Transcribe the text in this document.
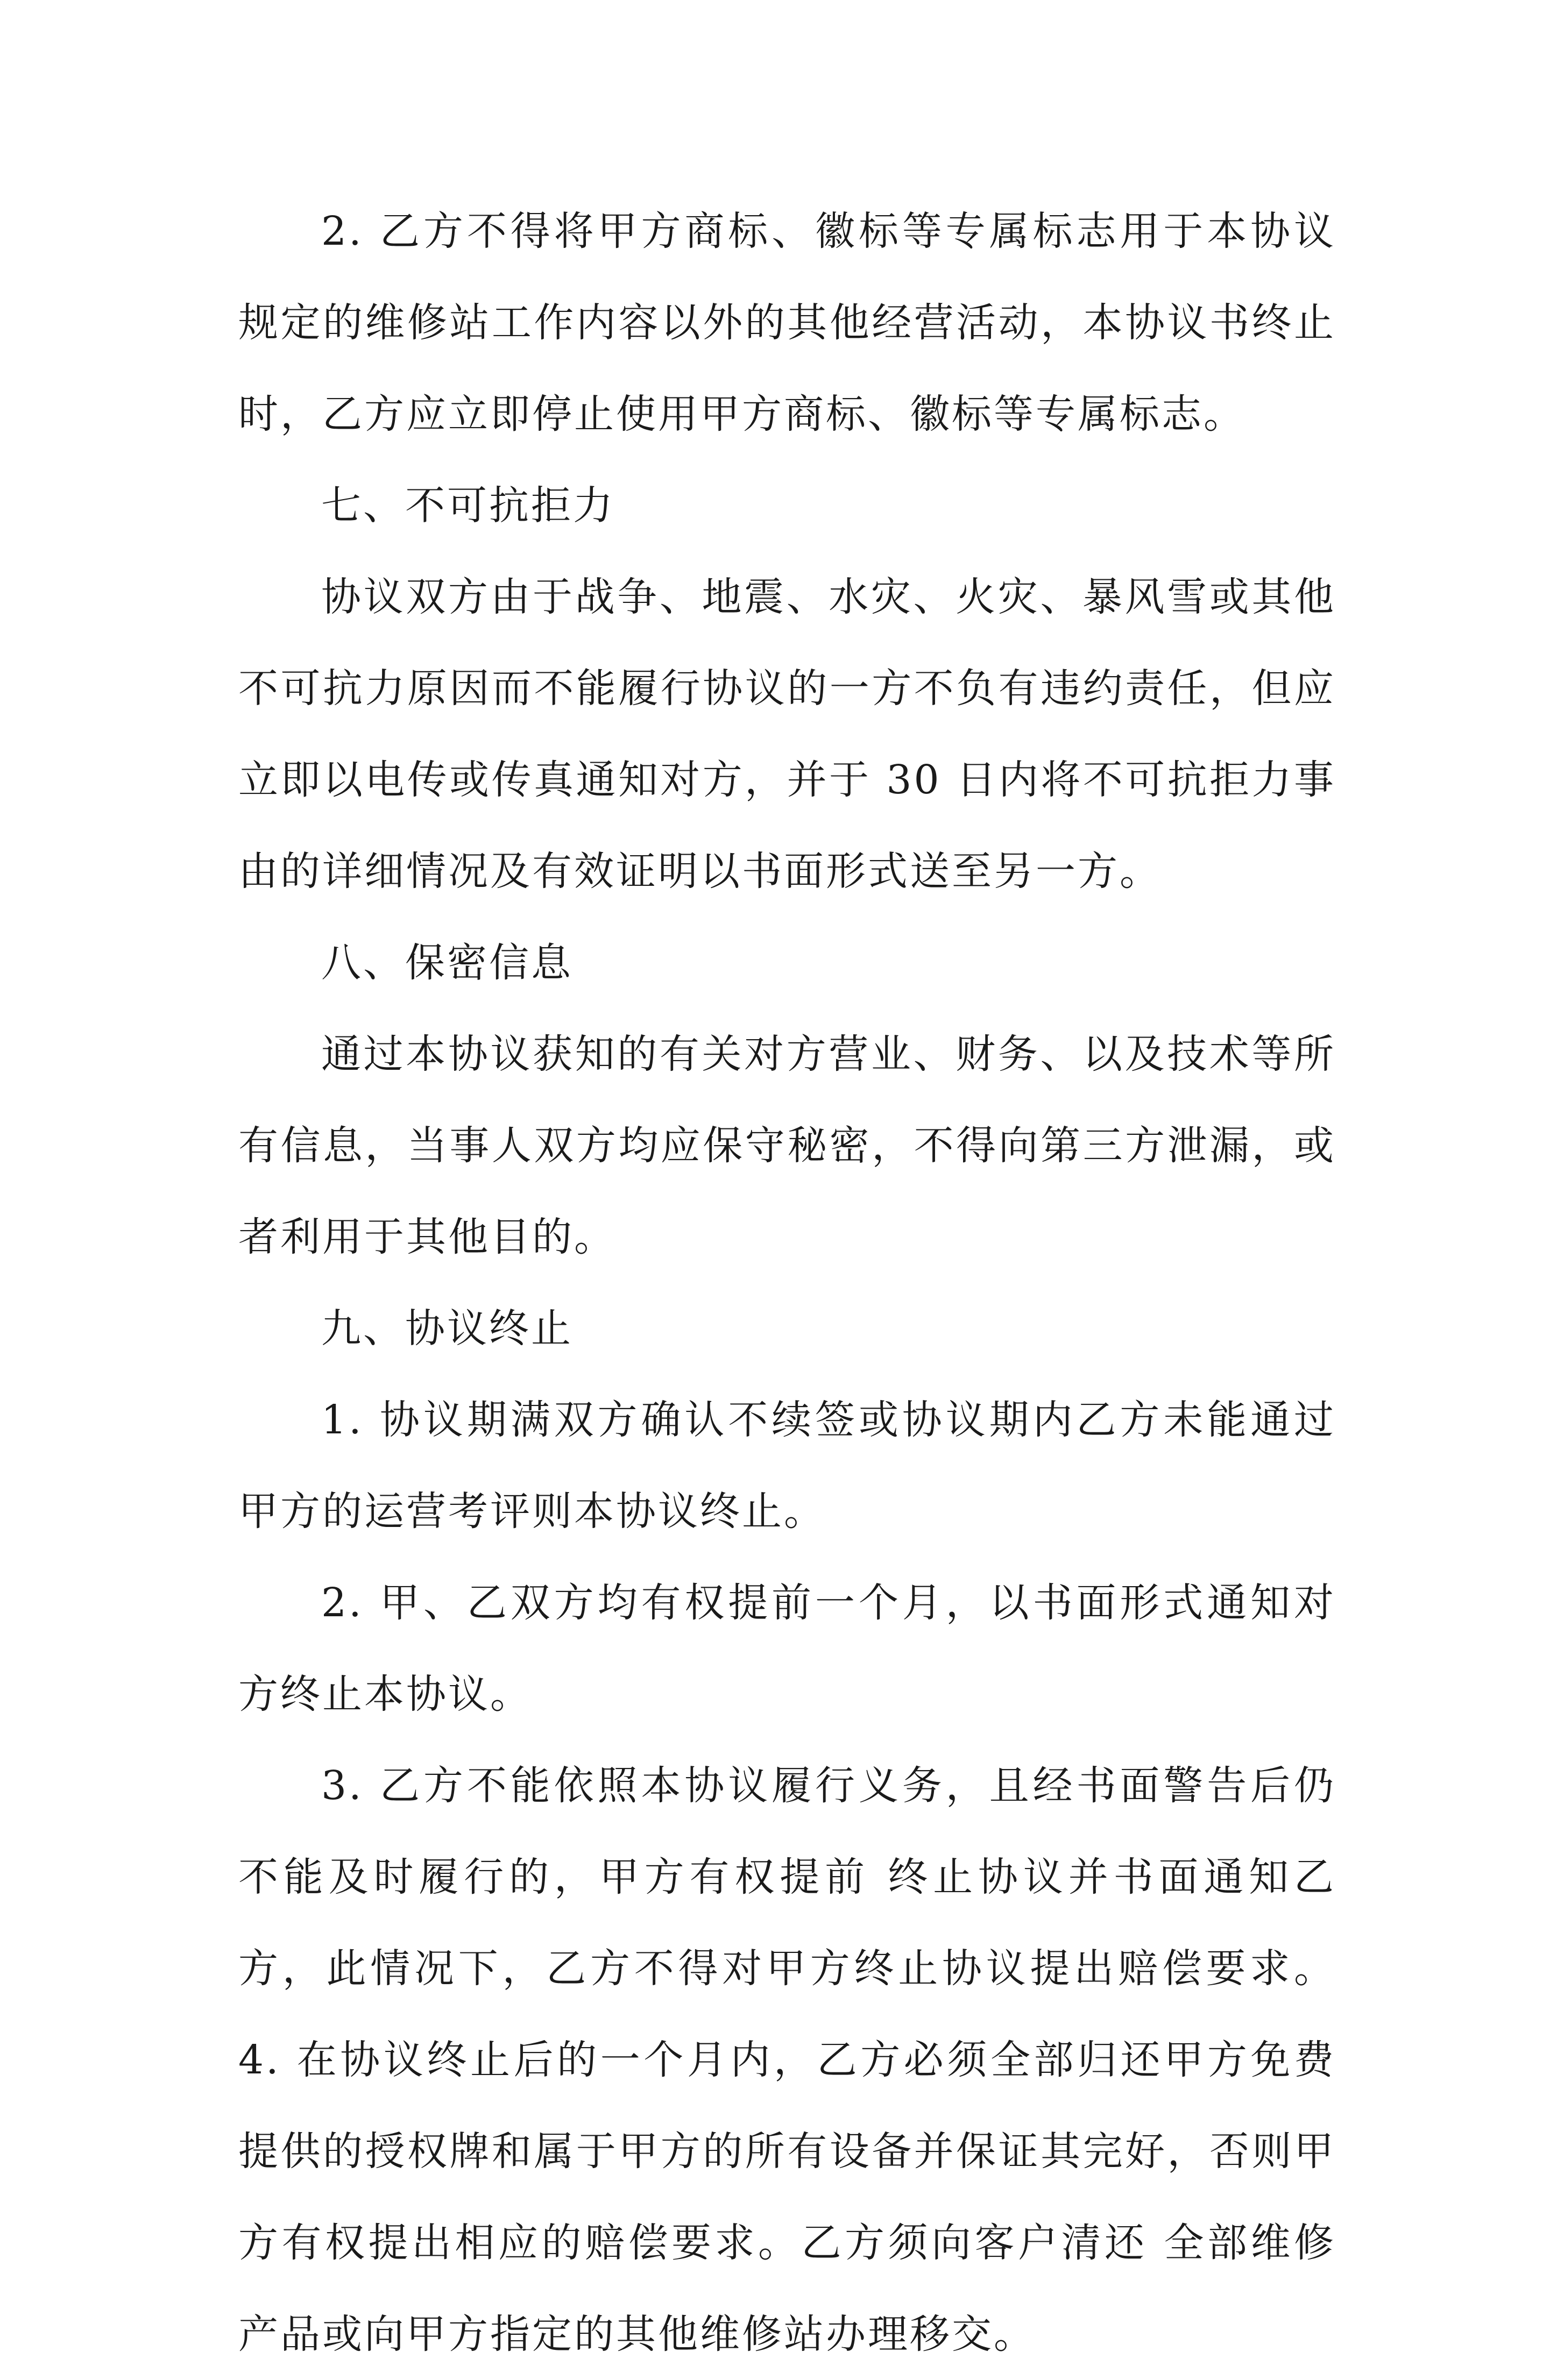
2. 乙方不得将甲方商标、徽标等专属标志用于本协议规定的维修站工作内容以外的其他经营活动，本协议书终止时，乙方应立即停止使用甲方商标、徽标等专属标志。

七、不可抗拒力

协议双方由于战争、地震、水灾、火灾、暴风雪或其他不可抗力原因而不能履行协议的一方不负有违约责任，但应立即以电传或传真通知对方，并于 30 日内将不可抗拒力事由的详细情况及有效证明以书面形式送至另一方。

八、保密信息

通过本协议获知的有关对方营业、财务、以及技术等所有信息，当事人双方均应保守秘密，不得向第三方泄漏，或者利用于其他目的。

九、协议终止

1. 协议期满双方确认不续签或协议期内乙方未能通过甲方的运营考评则本协议终止。

2. 甲、乙双方均有权提前一个月，以书面形式通知对方终止本协议。

3. 乙方不能依照本协议履行义务，且经书面警告后仍不能及时履行的，甲方有权提前 终止协议并书面通知乙方，此情况下，乙方不得对甲方终止协议提出赔偿要求。 4. 在协议终止后的一个月内，乙方必须全部归还甲方免费提供的授权牌和属于甲方的所有设备并保证其完好，否则甲方有权提出相应的赔偿要求。乙方须向客户清还 全部维修产品或向甲方指定的其他维修站办理移交。
